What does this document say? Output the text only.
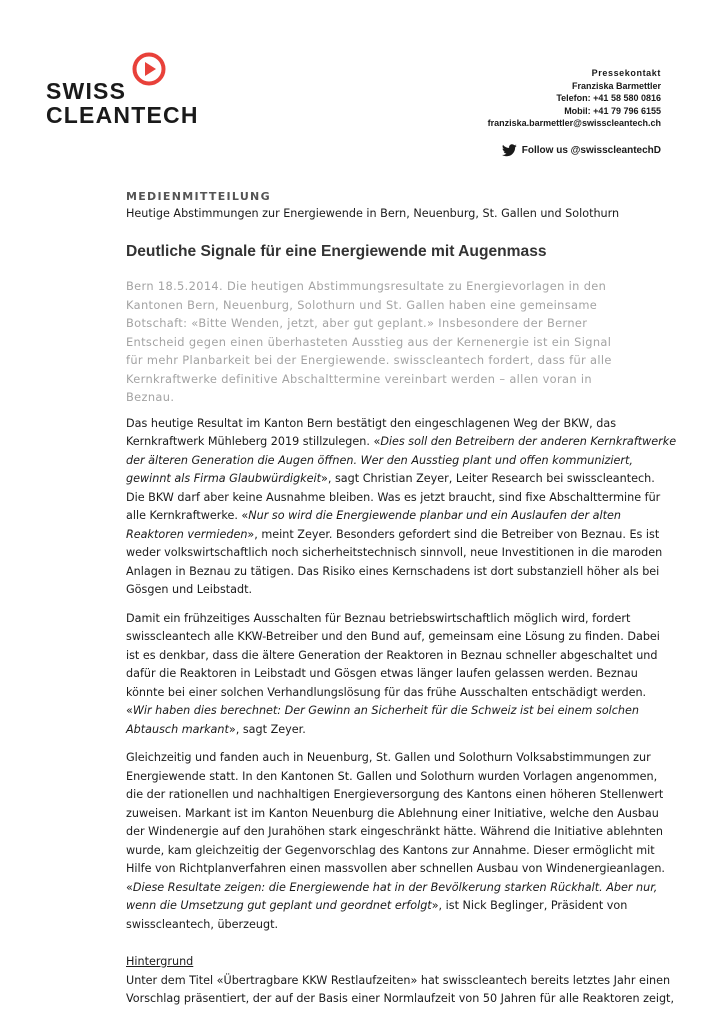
SWISS
CLEANTECH
Pressekontakt
Franziska Barmettler
Telefon: +41 58 580 0816
Mobil: +41 79 796 6155
franziska.barmettler@swisscleantech.ch
Follow us @swisscleantechD

MEDIENMITTEILUNG

Heutige Abstimmungen zur Energiewende in Bern, Neuenburg, St. Gallen und Solothurn

Deutliche Signale für eine Energiewende mit Augenmass

Bern 18.5.2014. Die heutigen Abstimmungsresultate zu Energievorlagen in den
Kantonen Bern, Neuenburg, Solothurn und St. Gallen haben eine gemeinsame
Botschaft: «Bitte Wenden, jetzt, aber gut geplant.» Insbesondere der Berner
Entscheid gegen einen überhasteten Ausstieg aus der Kernenergie ist ein Signal
für mehr Planbarkeit bei der Energiewende. swisscleantech fordert, dass für alle
Kernkraftwerke definitive Abschalttermine vereinbart werden – allen voran in
Beznau.
Das heutige Resultat im Kanton Bern bestätigt den eingeschlagenen Weg der BKW, das
Kernkraftwerk Mühleberg 2019 stillzulegen. «Dies soll den Betreibern der anderen Kernkraftwerke
der älteren Generation die Augen öffnen. Wer den Ausstieg plant und offen kommuniziert,
gewinnt als Firma Glaubwürdigkeit», sagt Christian Zeyer, Leiter Research bei swisscleantech.
Die BKW darf aber keine Ausnahme bleiben. Was es jetzt braucht, sind fixe Abschalttermine für
alle Kernkraftwerke. «Nur so wird die Energiewende planbar und ein Auslaufen der alten
Reaktoren vermieden», meint Zeyer. Besonders gefordert sind die Betreiber von Beznau. Es ist
weder volkswirtschaftlich noch sicherheitstechnisch sinnvoll, neue Investitionen in die maroden
Anlagen in Beznau zu tätigen. Das Risiko eines Kernschadens ist dort substanziell höher als bei
Gösgen und Leibstadt.
Damit ein frühzeitiges Ausschalten für Beznau betriebswirtschaftlich möglich wird, fordert
swisscleantech alle KKW-Betreiber und den Bund auf, gemeinsam eine Lösung zu finden. Dabei
ist es denkbar, dass die ältere Generation der Reaktoren in Beznau schneller abgeschaltet und
dafür die Reaktoren in Leibstadt und Gösgen etwas länger laufen gelassen werden. Beznau
könnte bei einer solchen Verhandlungslösung für das frühe Ausschalten entschädigt werden.
«Wir haben dies berechnet: Der Gewinn an Sicherheit für die Schweiz ist bei einem solchen
Abtausch markant», sagt Zeyer.
Gleichzeitig und fanden auch in Neuenburg, St. Gallen und Solothurn Volksabstimmungen zur
Energiewende statt. In den Kantonen St. Gallen und Solothurn wurden Vorlagen angenommen,
die der rationellen und nachhaltigen Energieversorgung des Kantons einen höheren Stellenwert
zuweisen. Markant ist im Kanton Neuenburg die Ablehnung einer Initiative, welche den Ausbau
der Windenergie auf den Jurahöhen stark eingeschränkt hätte. Während die Initiative ablehnten
wurde, kam gleichzeitig der Gegenvorschlag des Kantons zur Annahme. Dieser ermöglicht mit
Hilfe von Richtplanverfahren einen massvollen aber schnellen Ausbau von Windenergieanlagen.
«Diese Resultate zeigen: die Energiewende hat in der Bevölkerung starken Rückhalt. Aber nur,
wenn die Umsetzung gut geplant und geordnet erfolgt», ist Nick Beglinger, Präsident von
swisscleantech, überzeugt.
Hintergrund
Unter dem Titel «Übertragbare KKW Restlaufzeiten» hat swisscleantech bereits letztes Jahr einen
Vorschlag präsentiert, der auf der Basis einer Normlaufzeit von 50 Jahren für alle Reaktoren zeigt,
